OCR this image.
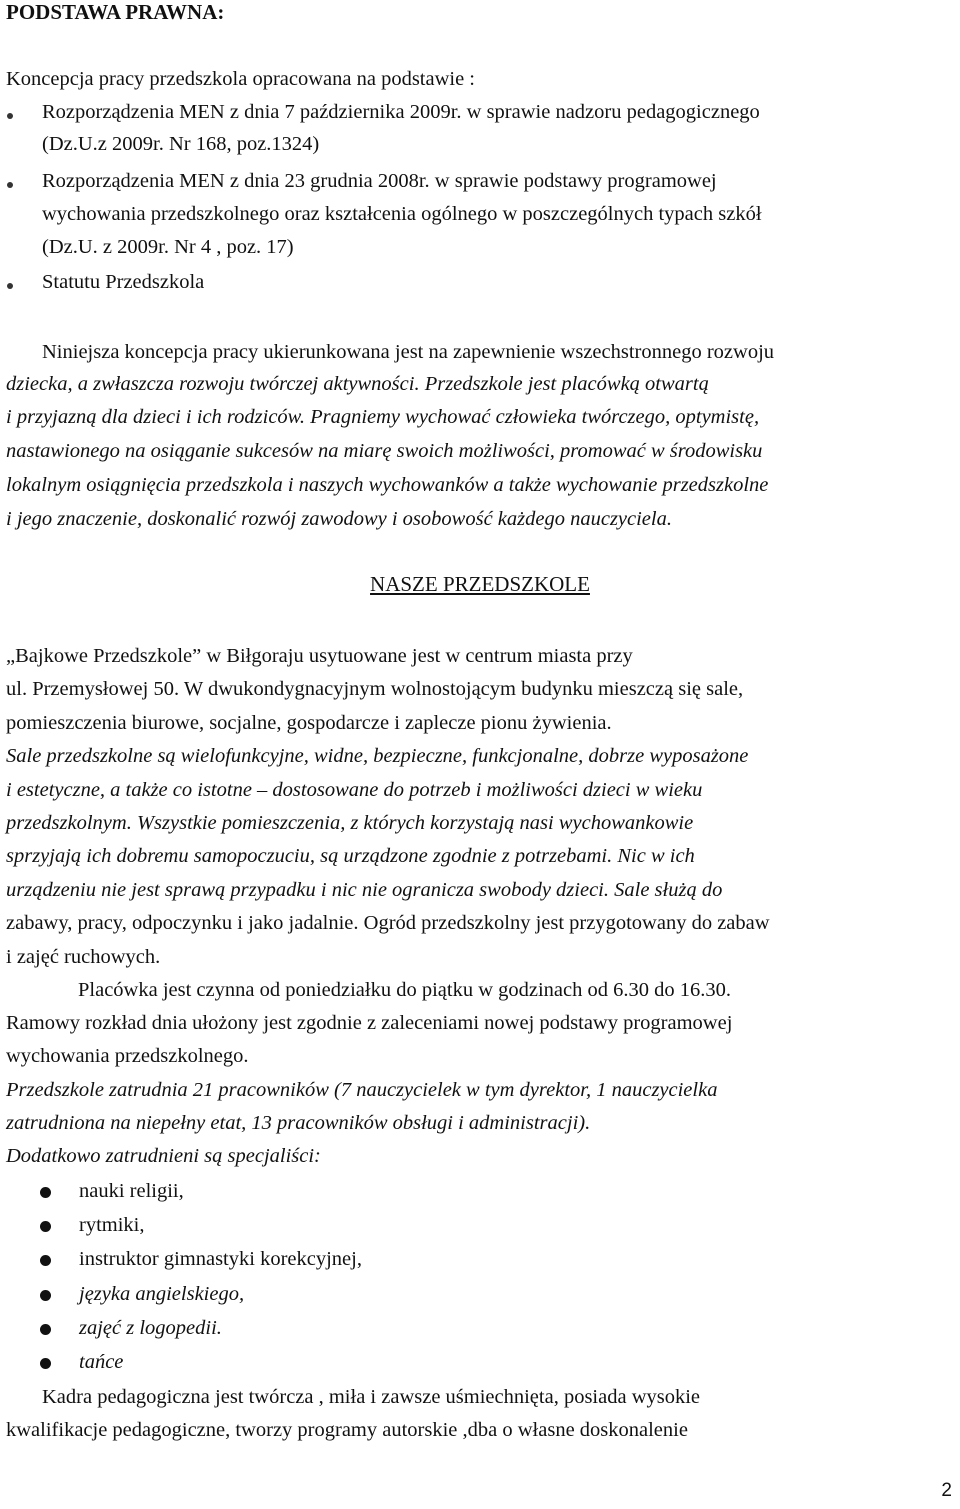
PODSTAWA PRAWNA:
Koncepcja pracy przedszkola opracowana na podstawie :
Rozporządzenia MEN z dnia 7 października 2009r. w sprawie nadzoru pedagogicznego
(Dz.U.z 2009r. Nr 168, poz.1324)
Rozporządzenia MEN z dnia 23 grudnia 2008r. w sprawie podstawy programowej
wychowania przedszkolnego oraz kształcenia ogólnego w poszczególnych typach szkół
(Dz.U. z 2009r. Nr 4 , poz. 17)
Statutu Przedszkola
Niniejsza koncepcja pracy ukierunkowana jest na zapewnienie wszechstronnego rozwoju
dziecka, a zwłaszcza rozwoju twórczej aktywności. Przedszkole jest placówką otwartą
i przyjazną dla dzieci i ich rodziców. Pragniemy wychować człowieka twórczego, optymistę,
nastawionego na osiąganie sukcesów na miarę swoich możliwości, promować w środowisku
lokalnym osiągnięcia przedszkola i naszych wychowanków a także wychowanie przedszkolne
i jego znaczenie, doskonalić rozwój zawodowy i osobowość każdego nauczyciela.
NASZE PRZEDSZKOLE
„Bajkowe Przedszkole” w Biłgoraju usytuowane jest w centrum miasta przy
ul. Przemysłowej 50. W dwukondygnacyjnym wolnostojącym budynku mieszczą się sale,
pomieszczenia biurowe, socjalne, gospodarcze i zaplecze pionu żywienia.
Sale przedszkolne są wielofunkcyjne, widne, bezpieczne, funkcjonalne, dobrze wyposażone
i estetyczne, a także co istotne – dostosowane do potrzeb i możliwości dzieci w wieku
przedszkolnym. Wszystkie pomieszczenia, z których korzystają nasi wychowankowie
sprzyjają ich dobremu samopoczuciu, są urządzone zgodnie z potrzebami. Nic w ich
urządzeniu nie jest sprawą przypadku i nic nie ogranicza swobody dzieci. Sale służą do
zabawy, pracy, odpoczynku i jako jadalnie. Ogród przedszkolny jest przygotowany do zabaw
i zajęć ruchowych.
Placówka jest czynna od poniedziałku do piątku w godzinach od 6.30 do 16.30.
Ramowy rozkład dnia ułożony jest zgodnie z zaleceniami nowej podstawy programowej
wychowania przedszkolnego.
Przedszkole zatrudnia 21 pracowników (7 nauczycielek w tym dyrektor, 1 nauczycielka
zatrudniona na niepełny etat, 13 pracowników obsługi i administracji).
Dodatkowo zatrudnieni są specjaliści:
nauki religii,
rytmiki,
instruktor gimnastyki korekcyjnej,
języka angielskiego,
zajęć z logopedii.
tańce
Kadra pedagogiczna jest twórcza , miła i zawsze uśmiechnięta, posiada wysokie
kwalifikacje pedagogiczne, tworzy programy autorskie ,dba o własne doskonalenie
2
